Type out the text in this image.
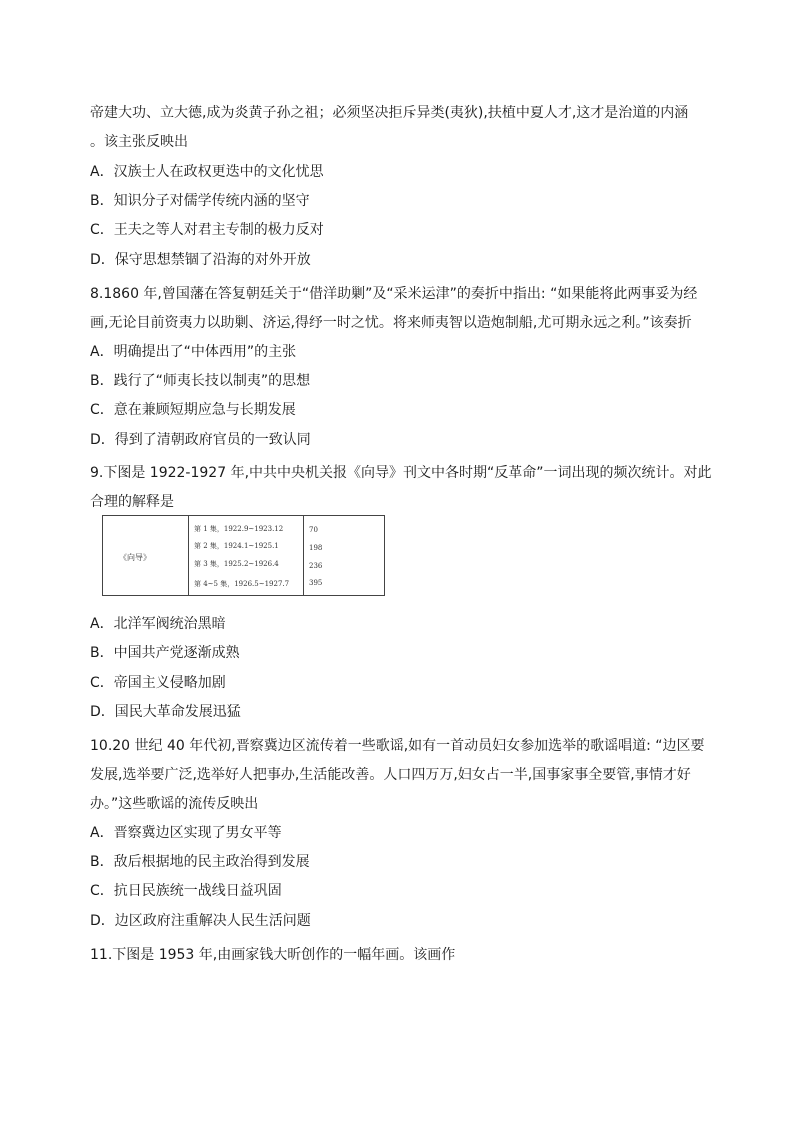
帝建大功、立大德,成为炎黄子孙之祖；必须坚决拒斥异类(夷狄),扶植中夏人才,这才是治道的内涵
。该主张反映出
A．汉族士人在政权更迭中的文化忧思
B．知识分子对儒学传统内涵的坚守
C．王夫之等人对君主专制的极力反对
D．保守思想禁锢了沿海的对外开放
8.1860 年,曾国藩在答复朝廷关于“借洋助剿”及“采米运津”的奏折中指出: “如果能将此两事妥为经
画,无论目前资夷力以助剿、济运,得纾一时之忧。将来师夷智以造炮制船,尤可期永远之利。”该奏折
A．明确提出了“中体西用”的主张
B．践行了“师夷长技以制夷”的思想
C．意在兼顾短期应急与长期发展
D．得到了清朝政府官员的一致认同
9.下图是 1922-1927 年,中共中央机关报《向导》刊文中各时期“反革命”一词出现的频次统计。对此
合理的解释是
《向导》
第 1 集，1922.9~1923.12
第 2 集，1924.1~1925.1
第 3 集，1925.2~1926.4
第 4~5 集，1926.5~1927.7
70
198
236
395
A．北洋军阀统治黑暗
B．中国共产党逐渐成熟
C．帝国主义侵略加剧
D．国民大革命发展迅猛
10.20 世纪 40 年代初,晋察冀边区流传着一些歌谣,如有一首动员妇女参加选举的歌谣唱道: “边区要
发展,选举要广泛,选举好人把事办,生活能改善。人口四万万,妇女占一半,国事家事全要管,事情才好
办。”这些歌谣的流传反映出
A．晋察冀边区实现了男女平等
B．敌后根据地的民主政治得到发展
C．抗日民族统一战线日益巩固
D．边区政府注重解决人民生活问题
11.下图是 1953 年,由画家钱大昕创作的一幅年画。该画作
